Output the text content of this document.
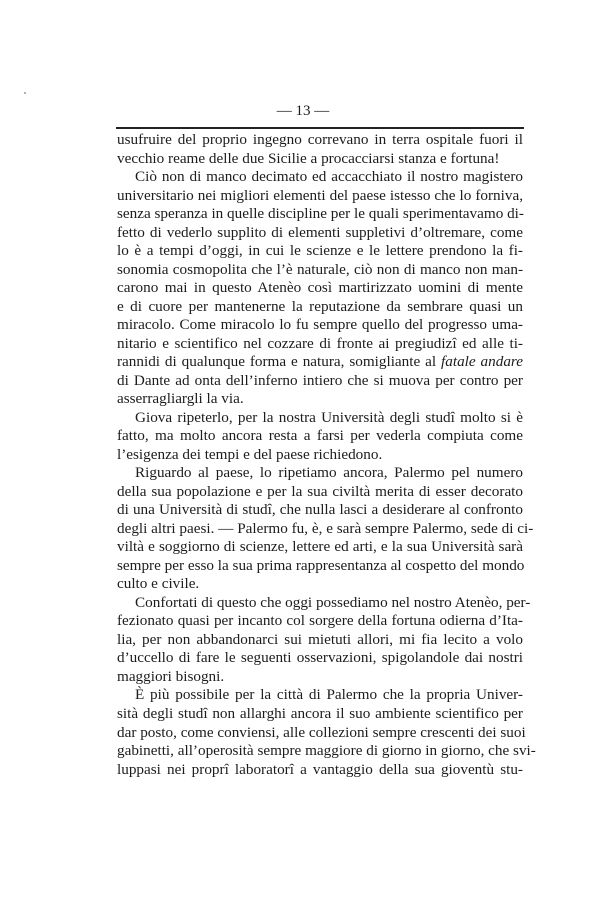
— 13 —
usufruire del proprio ingegno correvano in terra ospitale fuori il
vecchio reame delle due Sicilie a procacciarsi stanza e fortuna!
Ciò non di manco decimato ed accacchiato il nostro magistero
universitario nei migliori elementi del paese istesso che lo forniva,
senza speranza in quelle discipline per le quali sperimentavamo di-
fetto di vederlo supplito di elementi suppletivi d’oltremare, come
lo è a tempi d’oggi, in cui le scienze e le lettere prendono la fi-
sonomia cosmopolita che l’è naturale, ciò non di manco non man-
carono mai in questo Atenèo così martirizzato uomini di mente
e di cuore per mantenerne la reputazione da sembrare quasi un
miracolo. Come miracolo lo fu sempre quello del progresso uma-
nitario e scientifico nel cozzare di fronte ai pregiudizî ed alle ti-
rannidi di qualunque forma e natura, somigliante al fatale andare
di Dante ad onta dell’inferno intiero che si muova per contro per
asserragliargli la via.
Giova ripeterlo, per la nostra Università degli studî molto si è
fatto, ma molto ancora resta a farsi per vederla compiuta come
l’esigenza dei tempi e del paese richiedono.
Riguardo al paese, lo ripetiamo ancora, Palermo pel numero
della sua popolazione e per la sua civiltà merita di esser decorato
di una Università di studî, che nulla lasci a desiderare al confronto
degli altri paesi. — Palermo fu, è, e sarà sempre Palermo, sede di ci-
viltà e soggiorno di scienze, lettere ed arti, e la sua Università sarà
sempre per esso la sua prima rappresentanza al cospetto del mondo
culto e civile.
Confortati di questo che oggi possediamo nel nostro Atenèo, per-
fezionato quasi per incanto col sorgere della fortuna odierna d’Ita-
lia, per non abbandonarci sui mietuti allori, mi fia lecito a volo
d’uccello di fare le seguenti osservazioni, spigolandole dai nostri
maggiori bisogni.
È più possibile per la città di Palermo che la propria Univer-
sità degli studî non allarghi ancora il suo ambiente scientifico per
dar posto, come conviensi, alle collezioni sempre crescenti dei suoi
gabinetti, all’operosità sempre maggiore di giorno in giorno, che svi-
luppasi nei proprî laboratorî a vantaggio della sua gioventù stu-
